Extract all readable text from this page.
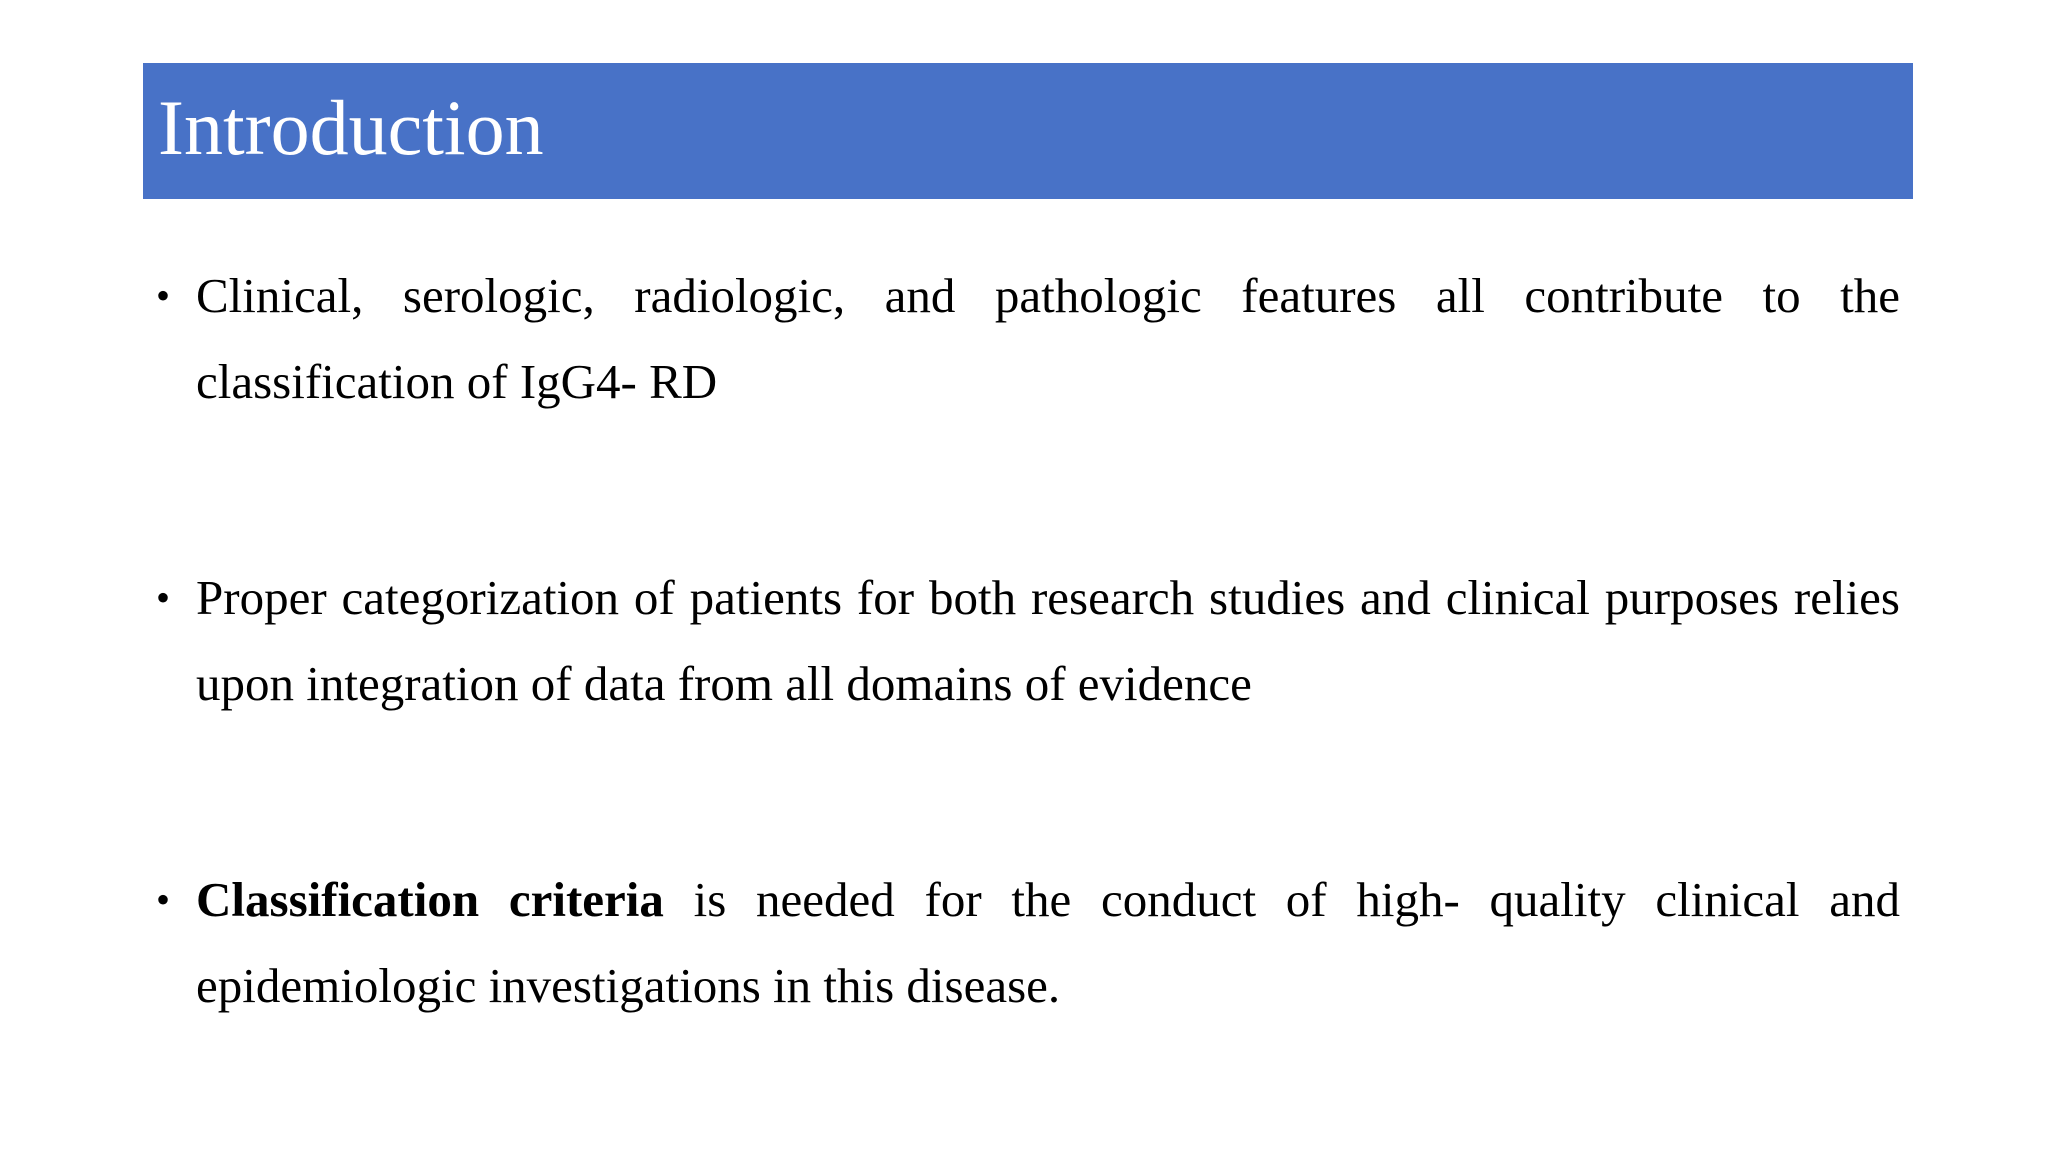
Introduction
• Clinical, serologic, radiologic, and pathologic features all contribute to the classification of IgG4- RD
• Proper categorization of patients for both research studies and clinical purposes relies upon integration of data from all domains of evidence
• Classification criteria is needed for the conduct of high- quality clinical and epidemiologic investigations in this disease.
